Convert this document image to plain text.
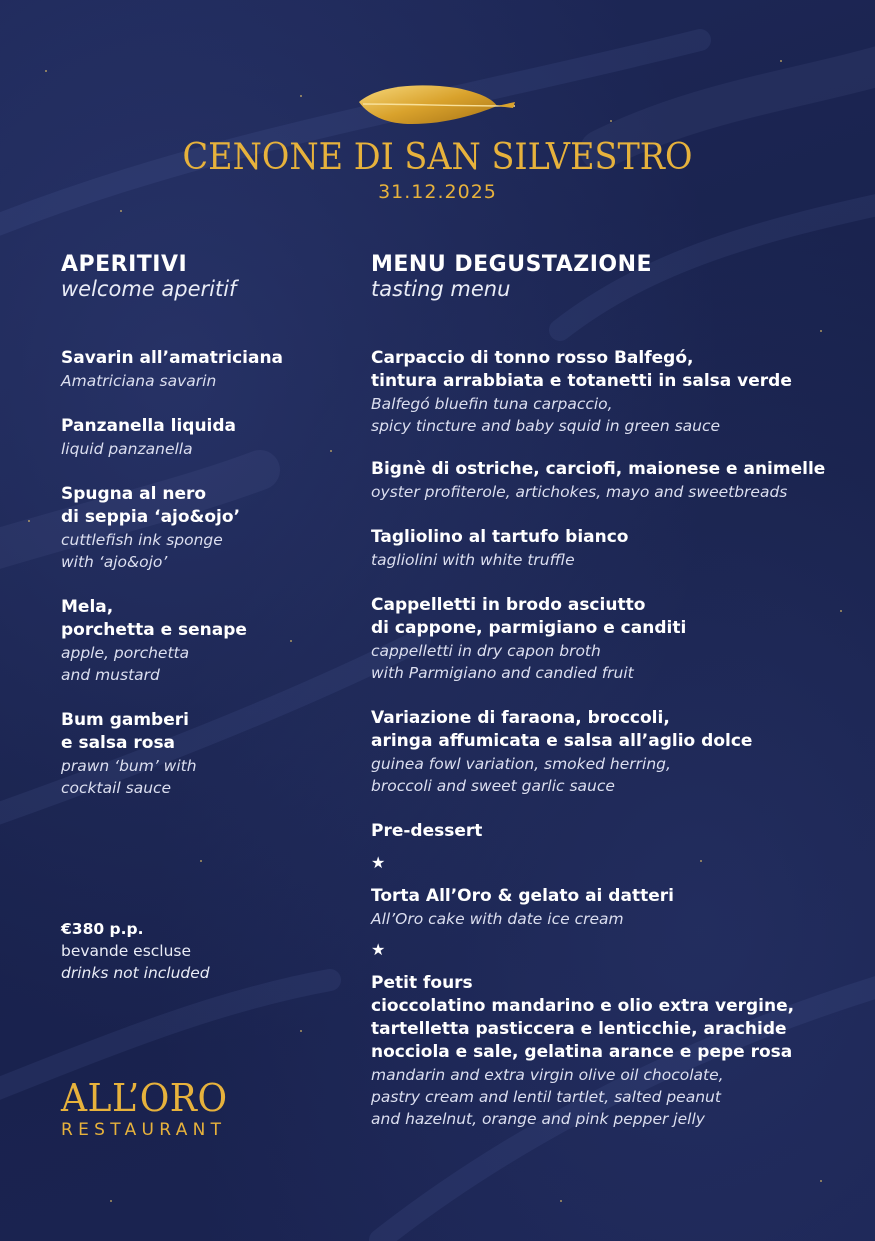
CENONE DI SAN SILVESTRO
31.12.2025
APERITIVI
welcome aperitif
Savarin all’amatriciana
Amatriciana savarin
Panzanella liquida
liquid panzanella
Spugna al nero
di seppia ‘ajo&ojo’
cuttlefish ink sponge
with ‘ajo&ojo’
Mela,
porchetta e senape
apple, porchetta
and mustard
Bum gamberi
e salsa rosa
prawn ‘bum’ with
cocktail sauce
MENU DEGUSTAZIONE
tasting menu
Carpaccio di tonno rosso Balfegó,
tintura arrabbiata e totanetti in salsa verde
Balfegó bluefin tuna carpaccio,
spicy tincture and baby squid in green sauce
Bignè di ostriche, carciofi, maionese e animelle
oyster profiterole, artichokes, mayo and sweetbreads
Tagliolino al tartufo bianco
tagliolini with white truffle
Cappelletti in brodo asciutto
di cappone, parmigiano e canditi
cappelletti in dry capon broth
with Parmigiano and candied fruit
Variazione di faraona, broccoli,
aringa affumicata e salsa all’aglio dolce
guinea fowl variation, smoked herring,
broccoli and sweet garlic sauce
Pre-dessert
★
Torta All’Oro & gelato ai datteri
All’Oro cake with date ice cream
★
Petit fours
cioccolatino mandarino e olio extra vergine,
tartelletta pasticcera e lenticchie, arachide
nocciola e sale, gelatina arance e pepe rosa
mandarin and extra virgin olive oil chocolate,
pastry cream and lentil tartlet, salted peanut
and hazelnut, orange and pink pepper jelly
€380 p.p.
bevande escluse
drinks not included
ALL’ORO
RESTAURANT
